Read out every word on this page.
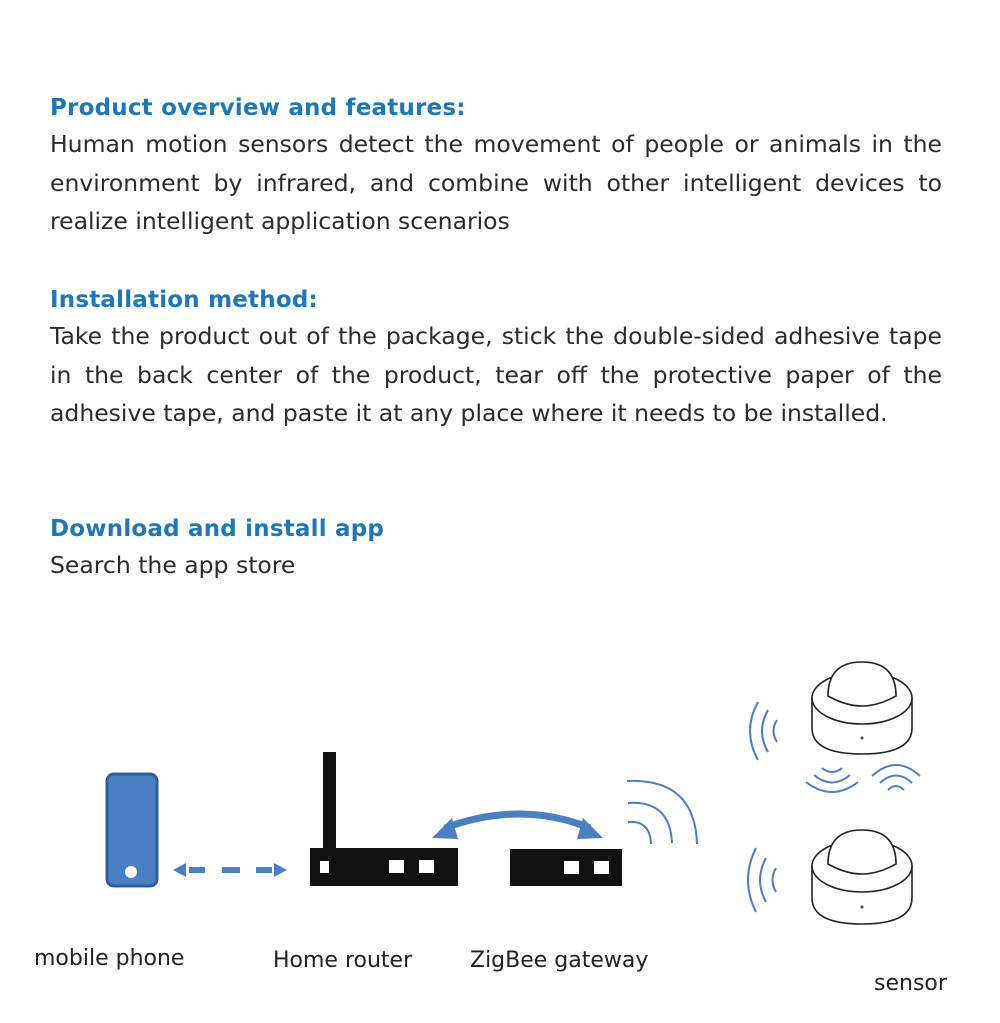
Product overview and features:

Human motion sensors detect the movement of people or animals in the environment by infrared, and combine with other intelligent devices to realize intelligent application scenarios

Installation method:

Take the product out of the package, stick the double-sided adhesive tape in the back center of the product, tear off the protective paper of the adhesive tape, and paste it at any place where it needs to be installed.

Download and install app

Search the app store

mobile phone	Home router	ZigBee gateway
sensor
